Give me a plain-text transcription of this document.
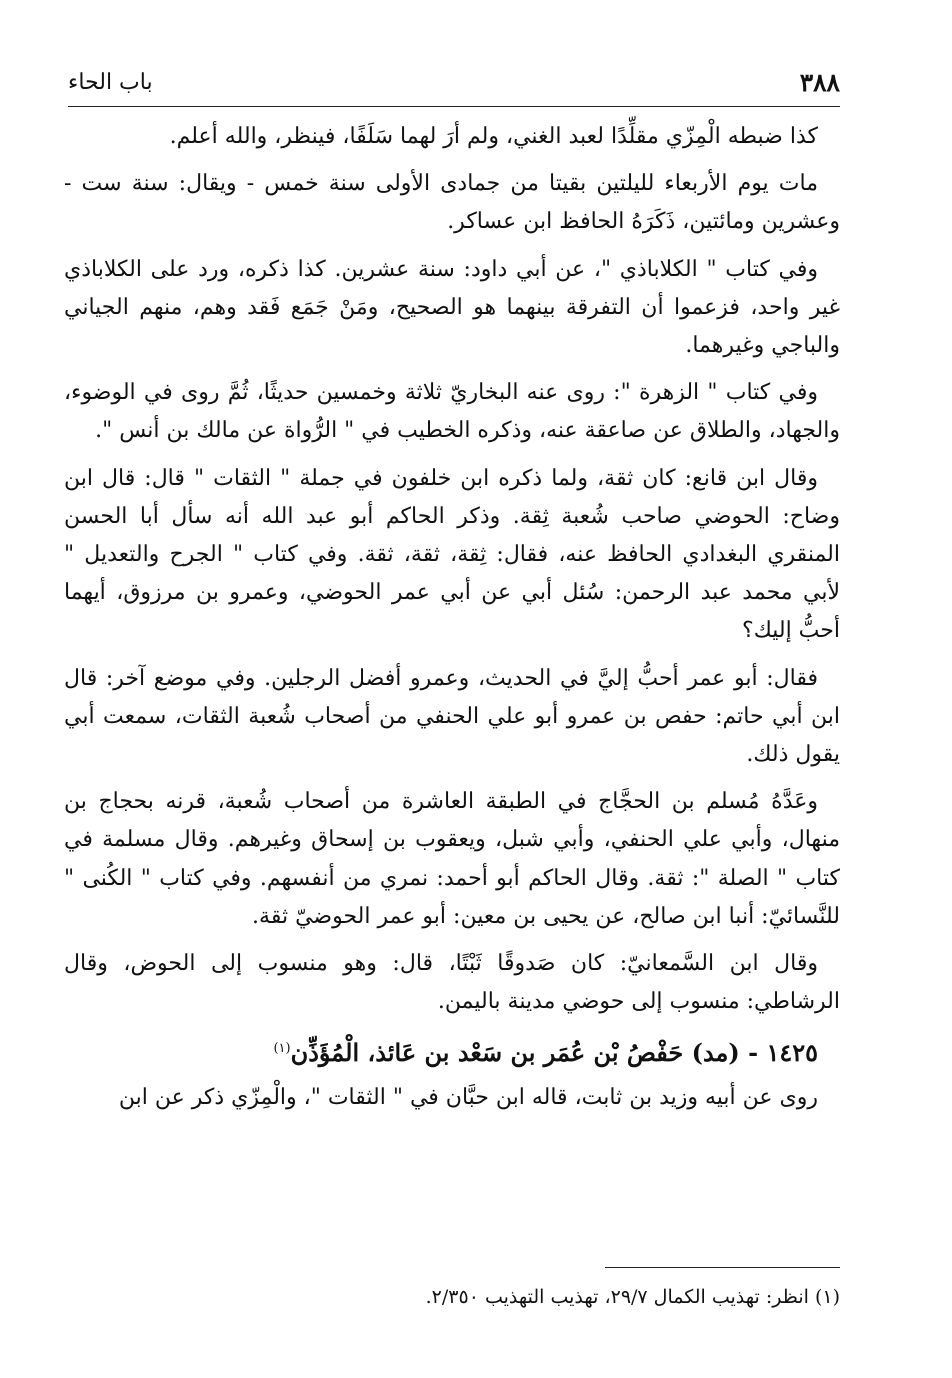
٣٨٨
باب الحاء

كذا ضبطه الْمِزّي مقلِّدًا لعبد الغني، ولم أرَ لهما سَلَفًا، فينظر، والله أعلم.

مات يوم الأربعاء لليلتين بقيتا من جمادى الأولى سنة خمس - ويقال: سنة ست - وعشرين ومائتين، ذَكَرَهُ الحافظ ابن عساكر.

وفي كتاب " الكلاباذي "، عن أبي داود: سنة عشرين. كذا ذكره، ورد على الكلاباذي غير واحد، فزعموا أن التفرقة بينهما هو الصحيح، ومَنْ جَمَع فَقد وهم، منهم الجياني والباجي وغيرهما.

وفي كتاب " الزهرة ": روى عنه البخاريّ ثلاثة وخمسين حديثًا، ثُمَّ روى في الوضوء، والجهاد، والطلاق عن صاعقة عنه، وذكره الخطيب في " الرُّواة عن مالك بن أنس ".

وقال ابن قانع: كان ثقة، ولما ذكره ابن خلفون في جملة " الثقات " قال: قال ابن وضاح: الحوضي صاحب شُعبة ثِقة. وذكر الحاكم أبو عبد الله أنه سأل أبا الحسن المنقري البغدادي الحافظ عنه، فقال: ثِقة، ثقة، ثقة. وفي كتاب " الجرح والتعديل " لأبي محمد عبد الرحمن: سُئل أبي عن أبي عمر الحوضي، وعمرو بن مرزوق، أيهما أحبُّ إليك؟

فقال: أبو عمر أحبُّ إليَّ في الحديث، وعمرو أفضل الرجلين. وفي موضع آخر: قال ابن أبي حاتم: حفص بن عمرو أبو علي الحنفي من أصحاب شُعبة الثقات، سمعت أبي يقول ذلك.

وعَدَّهُ مُسلم بن الحجَّاج في الطبقة العاشرة من أصحاب شُعبة، قرنه بحجاج بن منهال، وأبي علي الحنفي، وأبي شبل، ويعقوب بن إسحاق وغيرهم. وقال مسلمة في كتاب " الصلة ": ثقة. وقال الحاكم أبو أحمد: نمري من أنفسهم. وفي كتاب " الكُنى " للنَّسائيّ: أنبا ابن صالح، عن يحيى بن معين: أبو عمر الحوضيّ ثقة.

وقال ابن السَّمعانيّ: كان صَدوقًا ثَبْتًا، قال: وهو منسوب إلى الحوض، وقال الرشاطي: منسوب إلى حوضي مدينة باليمن.

١٤٢٥ - (مد) حَفْصُ بْن عُمَر بن سَعْد بن عَائذ، الْمُؤَذِّن$^{(١)}$

روى عن أبيه وزيد بن ثابت، قاله ابن حبَّان في " الثقات "، والْمِزّي ذكر عن ابن

(١) انظر: تهذيب الكمال ٢٩/٧، تهذيب التهذيب ٢/٣٥٠.
